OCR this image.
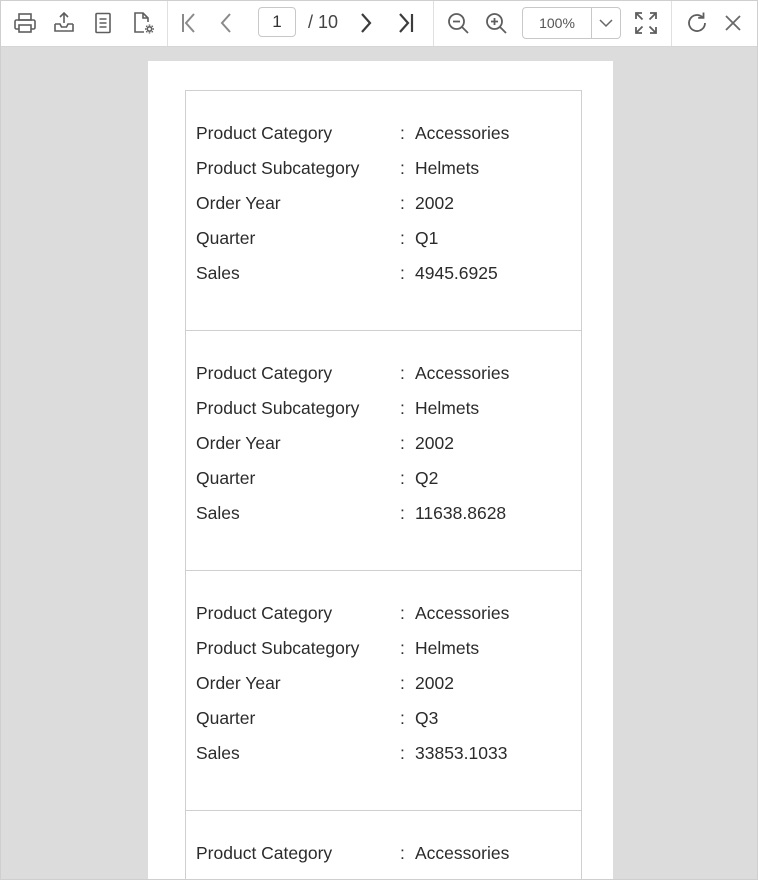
1
/ 10	100%
Product Category	: Accessories
Product Subcategory : Helmets
Order Year	: 2002
Quarter	: Q1
Sales	: 4945.6925
Product Category	: Accessories
Product Subcategory : Helmets
Order Year	: 2002
Quarter	: Q2
Sales	: 11638.8628
Product Category	: Accessories
Product Subcategory : Helmets
Order Year	: 2002
Quarter	: Q3
Sales	: 33853.1033
Product Category	: Accessories
